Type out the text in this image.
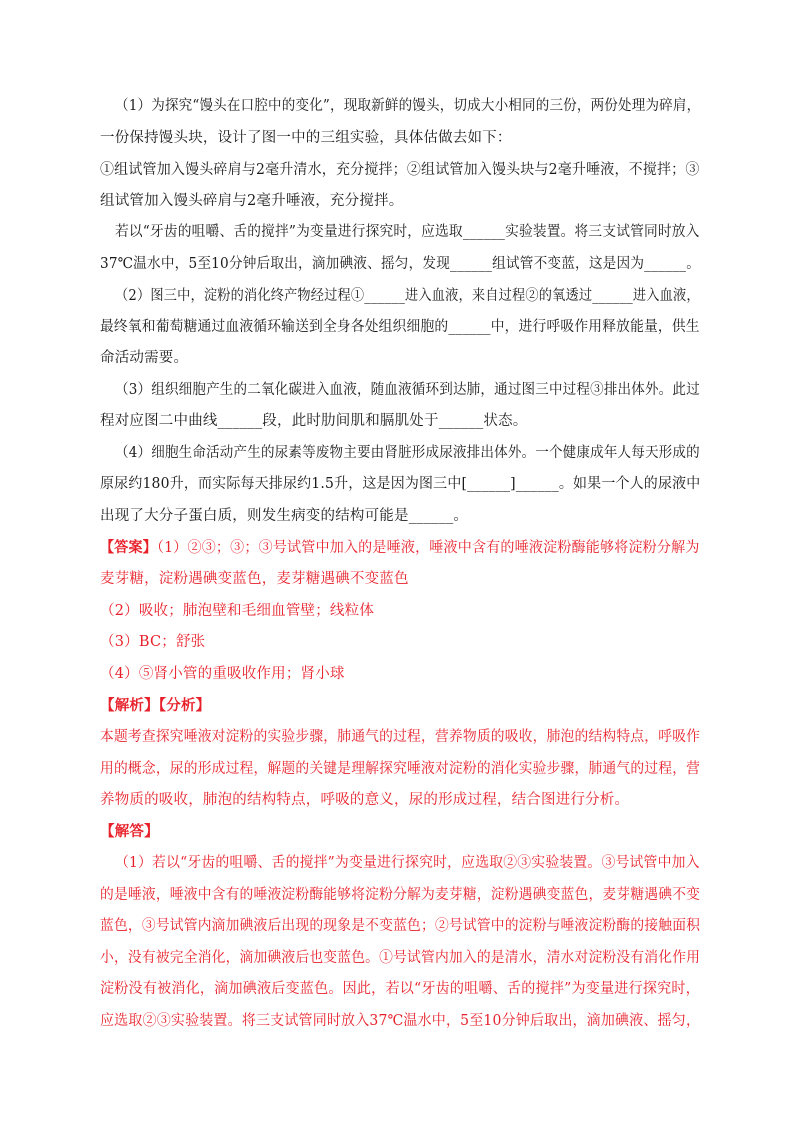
（1）为探究“馒头在口腔中的变化”，现取新鲜的馒头，切成大小相同的三份，两份处理为碎肩，
一份保持馒头块，设计了图一中的三组实验，具体估做去如下：
①组试管加入馒头碎肩与2毫升清水，充分搅拌；②组试管加入馒头块与2毫升唾液，不搅拌；③
组试管加入馒头碎肩与2毫升唾液，充分搅拌。
若以“牙齿的咀嚼、舌的搅拌”为变量进行探究时，应选取______实验装置。将三支试管同时放入
37℃温水中，5至10分钟后取出，滴加碘液、摇匀，发现______组试管不变蓝，这是因为______。
（2）图三中，淀粉的消化终产物经过程①______进入血液，来自过程②的氧透过______进入血液，
最终氧和葡萄糖通过血液循环输送到全身各处组织细胞的______中，进行呼吸作用释放能量，供生
命活动需要。
（3）组织细胞产生的二氧化碳进入血液，随血液循环到达肺，通过图三中过程③排出体外。此过
程对应图二中曲线______段，此时肋间肌和膈肌处于______状态。
（4）细胞生命活动产生的尿素等废物主要由肾脏形成尿液排出体外。一个健康成年人每天形成的
原尿约180升，而实际每天排尿约1.5升，这是因为图三中[______]______。如果一个人的尿液中
出现了大分子蛋白质，则发生病变的结构可能是______。
【答案】（1）②③；③；③号试管中加入的是唾液，唾液中含有的唾液淀粉酶能够将淀粉分解为
麦芽糖，淀粉遇碘变蓝色，麦芽糖遇碘不变蓝色
（2）吸收；肺泡壁和毛细血管壁；线粒体
（3）BC；舒张
（4）⑤肾小管的重吸收作用；肾小球
【解析】【分析】
本题考查探究唾液对淀粉的实验步骤，肺通气的过程，营养物质的吸收，肺泡的结构特点，呼吸作
用的概念，尿的形成过程，解题的关键是理解探究唾液对淀粉的消化实验步骤，肺通气的过程，营
养物质的吸收，肺泡的结构特点，呼吸的意义，尿的形成过程，结合图进行分析。
【解答】
（1）若以“牙齿的咀嚼、舌的搅拌”为变量进行探究时，应选取②③实验装置。③号试管中加入
的是唾液，唾液中含有的唾液淀粉酶能够将淀粉分解为麦芽糖，淀粉遇碘变蓝色，麦芽糖遇碘不变
蓝色，③号试管内滴加碘液后出现的现象是不变蓝色；②号试管中的淀粉与唾液淀粉酶的接触面积
小，没有被完全消化，滴加碘液后也变蓝色。①号试管内加入的是清水，清水对淀粉没有消化作用
淀粉没有被消化，滴加碘液后变蓝色。因此，若以“牙齿的咀嚼、舌的搅拌”为变量进行探究时，
应选取②③实验装置。将三支试管同时放入37℃温水中，5至10分钟后取出，滴加碘液、摇匀，
